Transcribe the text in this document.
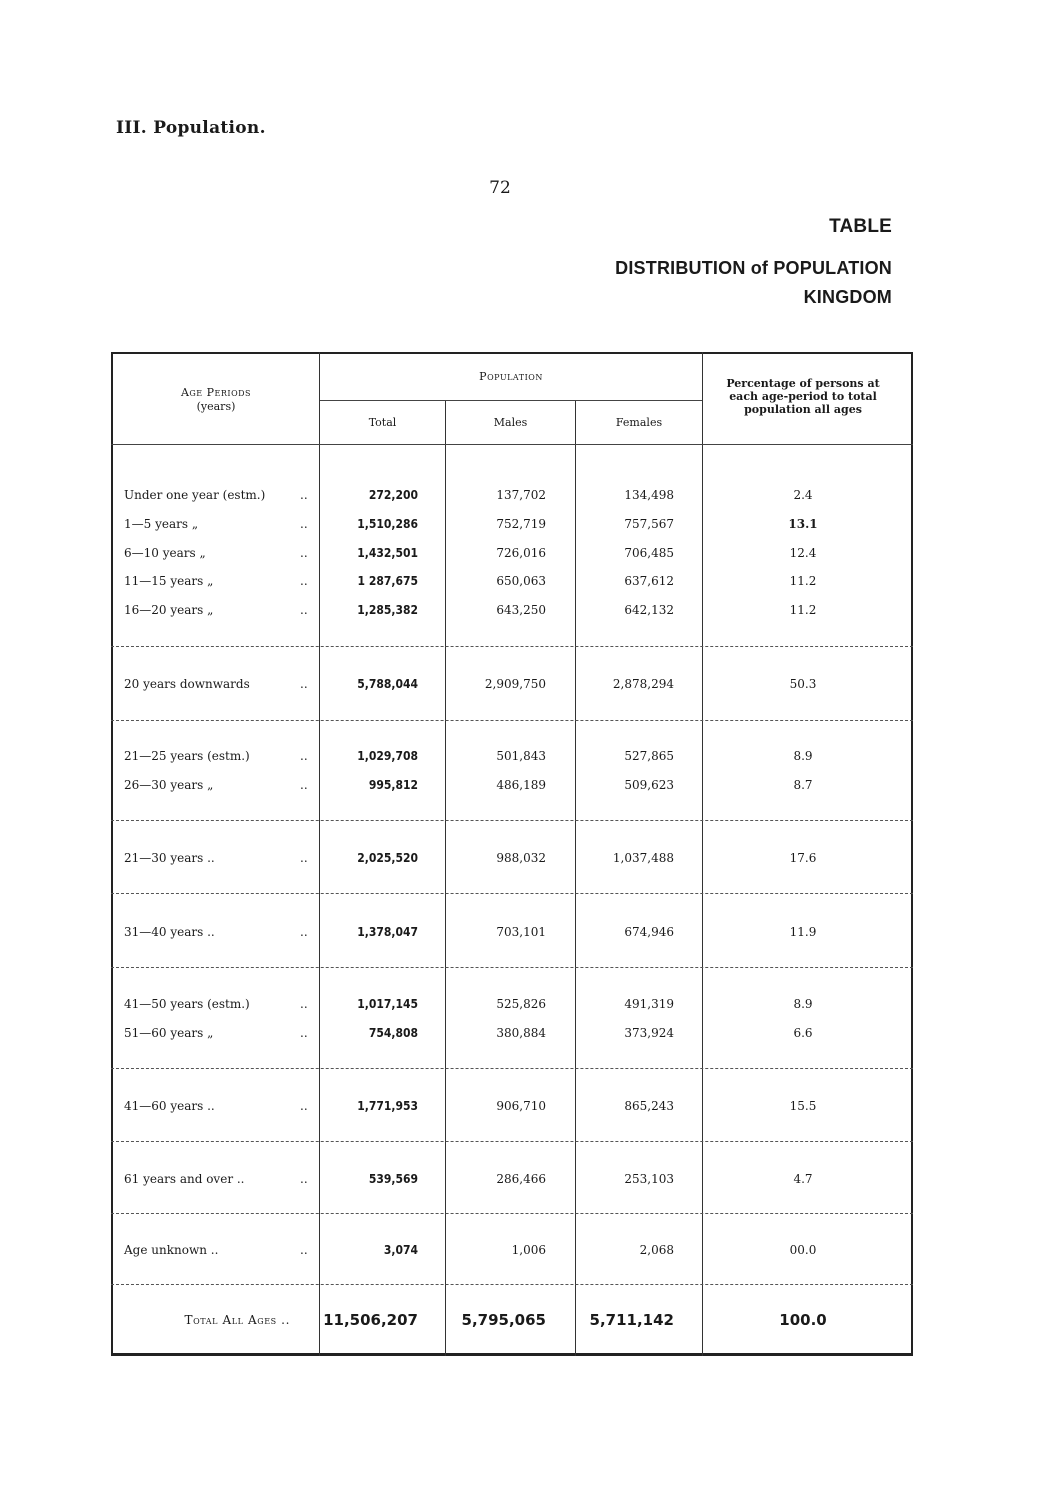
III. Population.
72
TABLE
DISTRIBUTION of POPULATION
KINGDOM
Age Periods
(years)
Population
Total	Males	Females
Percentage of persons at
each age-period to total
population all ages
Under one year (estm.)	..	272,200	137,702	134,498	2.4
1—5 years „	..	1,510,286	752,719	757,567	13.1
6—10 years „	..	1,432,501	726,016	706,485	12.4
11—15 years „	..	1 287,675	650,063	637,612	11.2
16—20 years „	..	1,285,382	643,250	642,132	11.2
20 years downwards	..	5,788,044	2,909,750	2,878,294	50.3
21—25 years (estm.)	..	1,029,708	501,843	527,865	8.9
26—30 years „	..	995,812	486,189	509,623	8.7
21—30 years ..	..	2,025,520	988,032	1,037,488	17.6
31—40 years ..	..	1,378,047	703,101	674,946	11.9
41—50 years (estm.)	..	1,017,145	525,826	491,319	8.9
51—60 years „	..	754,808	380,884	373,924	6.6
41—60 years ..	..	1,771,953	906,710	865,243	15.5
61 years and over ..	..	539,569	286,466	253,103	4.7
Age unknown ..	..	3,074	1,006	2,068	00.0
Total All Ages .. 11,506,207	5,795,065	5,711,142	100.0
